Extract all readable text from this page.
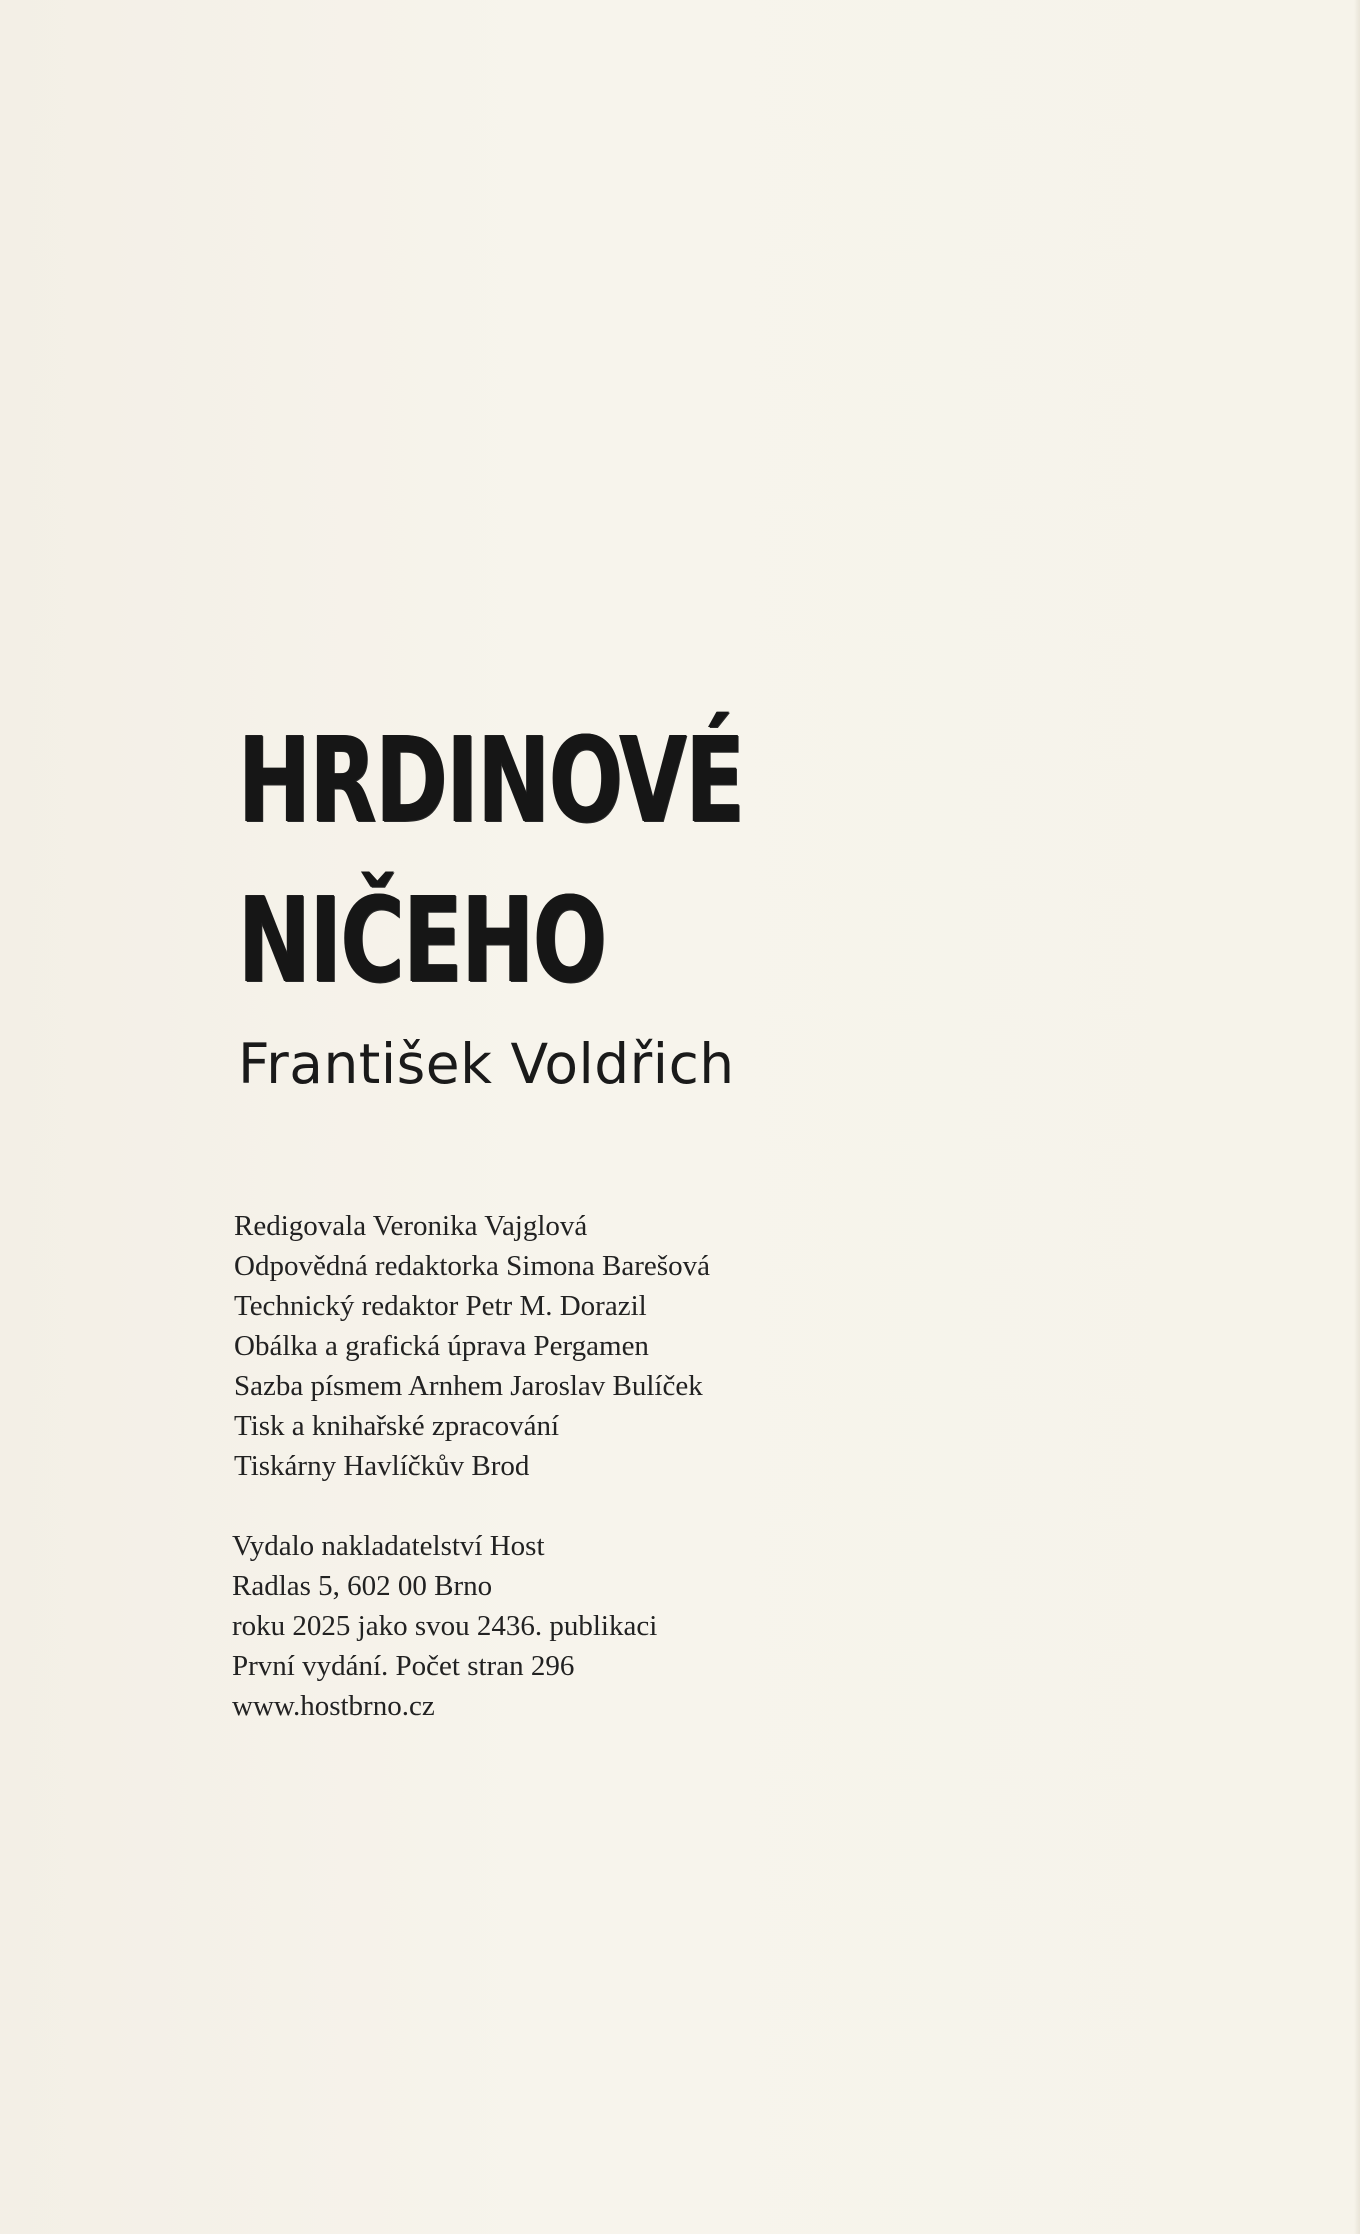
HRDINOVÉ
NIČEHO
František Voldřich
Redigovala Veronika Vajglová
Odpovědná redaktorka Simona Barešová
Technický redaktor Petr M. Dorazil
Obálka a grafická úprava Pergamen
Sazba písmem Arnhem Jaroslav Bulíček
Tisk a knihařské zpracování
Tiskárny Havlíčkův Brod
Vydalo nakladatelství Host
Radlas 5, 602 00 Brno
roku 2025 jako svou 2436. publikaci
První vydání. Počet stran 296
www.hostbrno.cz
